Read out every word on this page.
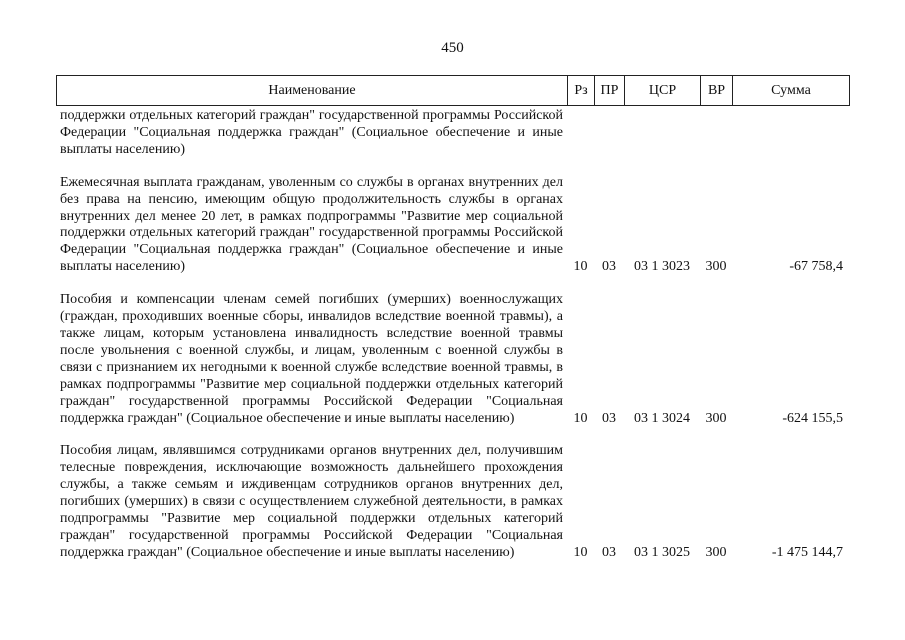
450
Наименование	Рз	ПР	ЦСР	ВР	Сумма
поддержки отдельных категорий граждан" государственной программы Российской Федерации "Социальная поддержка граждан" (Социальное обеспечение и иные выплаты населению)
Ежемесячная выплата гражданам, уволенным со службы в органах внутренних дел без права на пенсию, имеющим общую продолжительность службы в органах внутренних дел менее 20 лет, в рамках подпрограммы "Развитие мер социальной поддержки отдельных категорий граждан" государственной программы Российской Федерации "Социальная поддержка граждан" (Социальное обеспечение и иные выплаты населению)	10	03	03 1 3023	300	-67 758,4
Пособия и компенсации членам семей погибших (умерших) военнослужащих (граждан, проходивших военные сборы, инвалидов вследствие военной травмы), а также лицам, которым установлена инвалидность вследствие военной травмы после увольнения с военной службы, и лицам, уволенным с военной службы в связи с признанием их негодными к военной службе вследствие военной травмы, в рамках подпрограммы "Развитие мер социальной поддержки отдельных категорий граждан" государственной программы Российской Федерации "Социальная поддержка граждан" (Социальное обеспечение и иные выплаты населению)	10	03	03 1 3024	300	-624 155,5
Пособия лицам, являвшимся сотрудниками органов внутренних дел, получившим телесные повреждения, исключающие возможность дальнейшего прохождения службы, а также семьям и иждивенцам сотрудников органов внутренних дел, погибших (умерших) в связи с осуществлением служебной деятельности, в рамках подпрограммы "Развитие мер социальной поддержки отдельных категорий граждан" государственной программы Российской Федерации "Социальная поддержка граждан" (Социальное обеспечение и иные выплаты населению)	10	03	03 1 3025	300	-1 475 144,7
